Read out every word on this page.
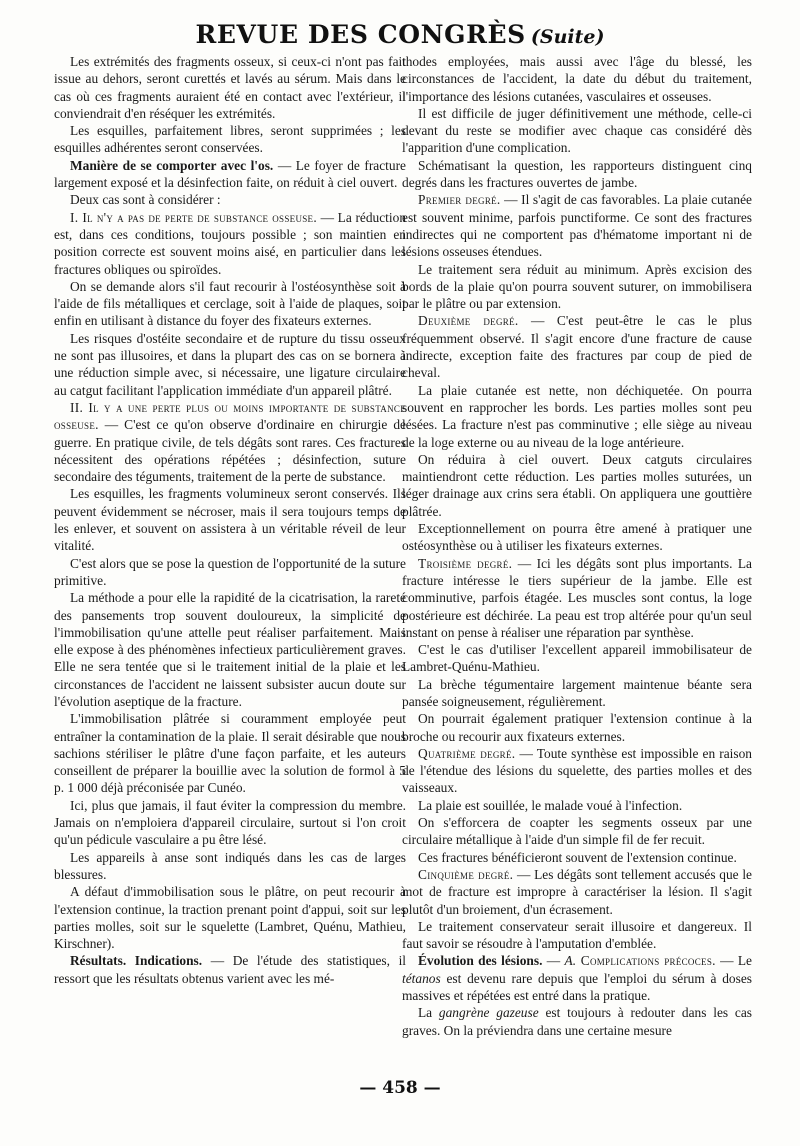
REVUE DES CONGRÈS (Suite)

Les extrémités des fragments osseux, si ceux-ci n'ont pas fait issue au dehors, seront curettés et lavés au sérum. Mais dans le cas où ces fragments auraient été en contact avec l'extérieur, il conviendrait d'en réséquer les extrémités.

Les esquilles, parfaitement libres, seront supprimées ; les esquilles adhérentes seront conservées.

Manière de se comporter avec l'os. — Le foyer de fracture largement exposé et la désinfection faite, on réduit à ciel ouvert.

Deux cas sont à considérer :

I. Il n'y a pas de perte de substance osseuse. — La réduction est, dans ces conditions, toujours possible ; son maintien en position correcte est souvent moins aisé, en particulier dans les fractures obliques ou spiroïdes.

On se demande alors s'il faut recourir à l'ostéosynthèse soit à l'aide de fils métalliques et cerclage, soit à l'aide de plaques, soit enfin en utilisant à distance du foyer des fixateurs externes.

Les risques d'ostéite secondaire et de rupture du tissu osseux ne sont pas illusoires, et dans la plupart des cas on se bornera à une réduction simple avec, si nécessaire, une ligature circulaire au catgut facilitant l'application immédiate d'un appareil plâtré.

II. Il y a une perte plus ou moins importante de substance osseuse. — C'est ce qu'on observe d'ordinaire en chirurgie de guerre. En pratique civile, de tels dégâts sont rares. Ces fractures nécessitent des opérations répétées ; désinfection, suture secondaire des téguments, traitement de la perte de substance.

Les esquilles, les fragments volumineux seront conservés. Ils peuvent évidemment se nécroser, mais il sera toujours temps de les enlever, et souvent on assistera à un véritable réveil de leur vitalité.

C'est alors que se pose la question de l'opportunité de la suture primitive.

La méthode a pour elle la rapidité de la cicatrisation, la rareté des pansements trop souvent douloureux, la simplicité de l'immobilisation qu'une attelle peut réaliser parfaitement. Mais elle expose à des phénomènes infectieux particulièrement graves. Elle ne sera tentée que si le traitement initial de la plaie et les circonstances de l'accident ne laissent subsister aucun doute sur l'évolution aseptique de la fracture.

L'immobilisation plâtrée si couramment employée peut entraîner la contamination de la plaie. Il serait désirable que nous sachions stériliser le plâtre d'une façon parfaite, et les auteurs conseillent de préparer la bouillie avec la solution de formol à 5 p. 1 000 déjà préconisée par Cunéo.

Ici, plus que jamais, il faut éviter la compression du membre. Jamais on n'emploiera d'appareil circulaire, surtout si l'on croit qu'un pédicule vasculaire a pu être lésé.

Les appareils à anse sont indiqués dans les cas de larges blessures.

A défaut d'immobilisation sous le plâtre, on peut recourir à l'extension continue, la traction prenant point d'appui, soit sur les parties molles, soit sur le squelette (Lambret, Quénu, Mathieu, Kirschner).

Résultats. Indications. — De l'étude des statistiques, il ressort que les résultats obtenus varient avec les mé-

thodes employées, mais aussi avec l'âge du blessé, les circonstances de l'accident, la date du début du traitement, l'importance des lésions cutanées, vasculaires et osseuses.

Il est difficile de juger définitivement une méthode, celle-ci devant du reste se modifier avec chaque cas considéré dès l'apparition d'une complication.

Schématisant la question, les rapporteurs distinguent cinq degrés dans les fractures ouvertes de jambe.

Premier degré. — Il s'agit de cas favorables. La plaie cutanée est souvent minime, parfois punctiforme. Ce sont des fractures indirectes qui ne comportent pas d'hématome important ni de lésions osseuses étendues.

Le traitement sera réduit au minimum. Après excision des bords de la plaie qu'on pourra souvent suturer, on immobilisera par le plâtre ou par extension.

Deuxième degré. — C'est peut-être le cas le plus fréquemment observé. Il s'agit encore d'une fracture de cause indirecte, exception faite des fractures par coup de pied de cheval.

La plaie cutanée est nette, non déchiquetée. On pourra souvent en rapprocher les bords. Les parties molles sont peu lésées. La fracture n'est pas comminutive ; elle siège au niveau de la loge externe ou au niveau de la loge antérieure.

On réduira à ciel ouvert. Deux catguts circulaires maintiendront cette réduction. Les parties molles suturées, un léger drainage aux crins sera établi. On appliquera une gouttière plâtrée.

Exceptionnellement on pourra être amené à pratiquer une ostéosynthèse ou à utiliser les fixateurs externes.

Troisième degré. — Ici les dégâts sont plus importants. La fracture intéresse le tiers supérieur de la jambe. Elle est comminutive, parfois étagée. Les muscles sont contus, la loge postérieure est déchirée. La peau est trop altérée pour qu'un seul instant on pense à réaliser une réparation par synthèse.

C'est le cas d'utiliser l'excellent appareil immobilisateur de Lambret-Quénu-Mathieu.

La brèche tégumentaire largement maintenue béante sera pansée soigneusement, régulièrement.

On pourrait également pratiquer l'extension continue à la broche ou recourir aux fixateurs externes.

Quatrième degré. — Toute synthèse est impossible en raison de l'étendue des lésions du squelette, des parties molles et des vaisseaux.

La plaie est souillée, le malade voué à l'infection.

On s'efforcera de coapter les segments osseux par une circulaire métallique à l'aide d'un simple fil de fer recuit.

Ces fractures bénéficieront souvent de l'extension continue.

Cinquième degré. — Les dégâts sont tellement accusés que le mot de fracture est impropre à caractériser la lésion. Il s'agit plutôt d'un broiement, d'un écrasement.

Le traitement conservateur serait illusoire et dangereux. Il faut savoir se résoudre à l'amputation d'emblée.

Évolution des lésions. — A. Complications précoces. — Le tétanos est devenu rare depuis que l'emploi du sérum à doses massives et répétées est entré dans la pratique.

La gangrène gazeuse est toujours à redouter dans les cas graves. On la préviendra dans une certaine mesure

— 458 —
